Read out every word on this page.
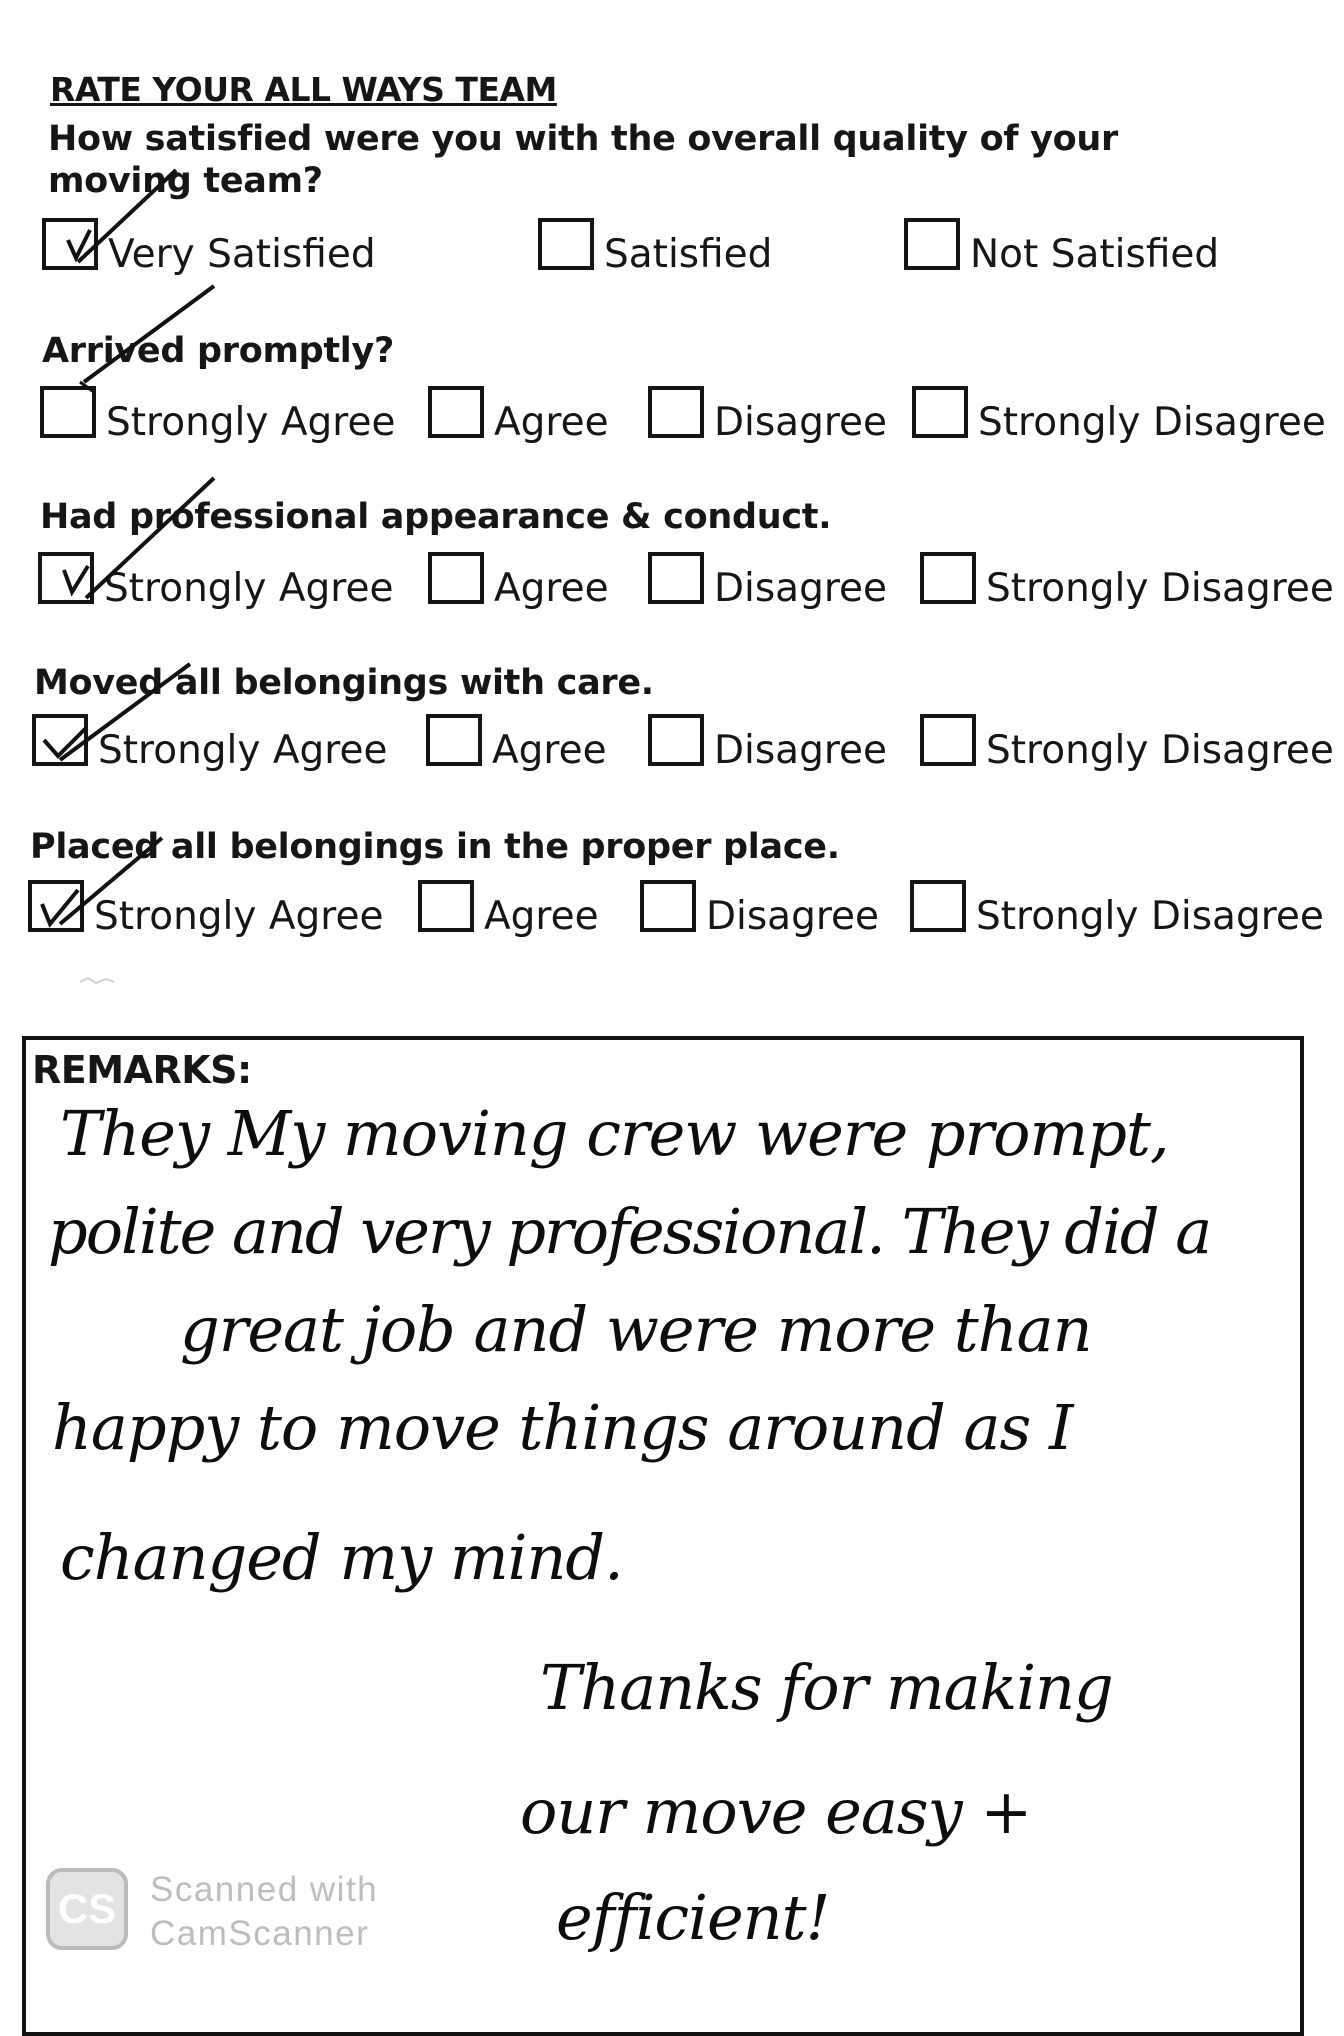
RATE YOUR ALL WAYS TEAM

How satisfied were you with the overall quality of your moving team?

Very Satisfied	Satisfied	Not Satisfied

Arrived promptly?

Strongly Agree	Agree	Disagree Strongly Disagree

Had professional appearance & conduct.

Strongly Agree	Agree	Disagree	Strongly Disagree

Moved all belongings with care.

Strongly Agree	Agree	Disagree	Strongly Disagree

Placed all belongings in the proper place.

Strongly Agree	Agree	Disagree Strongly Disagree

REMARKS:

They My moving crew were prompt,

polite and very professional. They did a

great job and were more than

happy to move things around as I

changed my mind.

Thanks for making

our move easy +

efficient!

CS Scanned with
CamScanner
